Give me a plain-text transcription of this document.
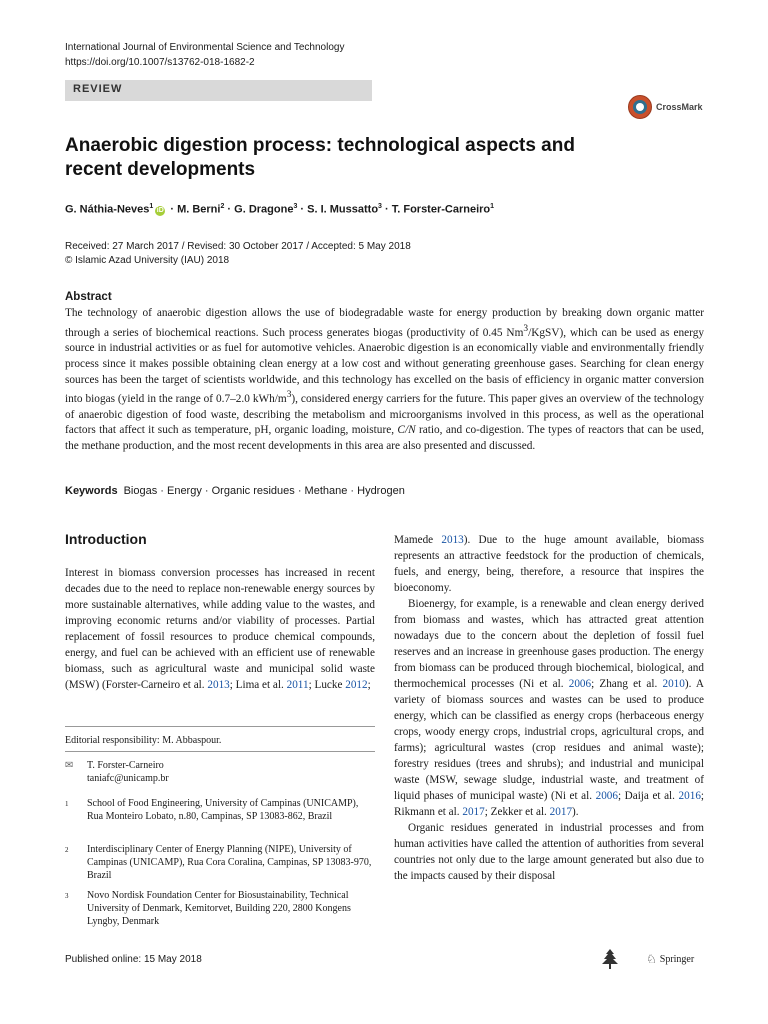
International Journal of Environmental Science and Technology
https://doi.org/10.1007/s13762-018-1682-2
REVIEW
CrossMark
Anaerobic digestion process: technological aspects and recent developments
G. Náthia-Neves$^1$iD · M. Berni$^2$ · G. Dragone$^3$ · S. I. Mussatto$^3$ · T. Forster-Carneiro$^1$
Received: 27 March 2017 / Revised: 30 October 2017 / Accepted: 5 May 2018
© Islamic Azad University (IAU) 2018
Abstract
The technology of anaerobic digestion allows the use of biodegradable waste for energy production by breaking down organic matter through a series of biochemical reactions. Such process generates biogas (productivity of 0.45 Nm$^3$/KgSV), which can be used as energy source in industrial activities or as fuel for automotive vehicles. Anaerobic digestion is an economically viable and environmentally friendly process since it makes possible obtaining clean energy at a low cost and without generating greenhouse gases. Searching for clean energy sources has been the target of scientists worldwide, and this technology has excelled on the basis of efficiency in organic matter conversion into biogas (yield in the range of 0.7–2.0 kWh/$m^3$), considered energy carriers for the future. This paper gives an overview of the technology of anaerobic digestion of food waste, describing the metabolism and microorganisms involved in this process, as well as the operational factors that affect it such as temperature, pH, organic loading, moisture, C/N ratio, and co-digestion. The types of reactors that can be used, the methane production, and the most recent developments in this area are also presented and discussed.
Keywords Biogas · Energy · Organic residues · Methane · Hydrogen
Introduction
Interest in biomass conversion processes has increased in recent decades due to the need to replace non-renewable energy sources by more sustainable alternatives, while adding value to the wastes, and improving economic returns and/or viability of processes. Partial replacement of fossil resources to produce chemical compounds, energy, and fuel can be achieved with an efficient use of renewable biomass, such as agricultural waste and municipal solid waste (MSW) (Forster-Carneiro et al. 2013; Lima et al. 2011; Lucke 2012;
Editorial responsibility: M. Abbaspour.
✉ T. Forster-Carneiro
taniafc@unicamp.br
1	School of Food Engineering, University of Campinas (UNICAMP), Rua Monteiro Lobato, n.80, Campinas, SP 13083-862, Brazil
2	Interdisciplinary Center of Energy Planning (NIPE), University of Campinas (UNICAMP), Rua Cora Coralina, Campinas, SP 13083-970, Brazil
3	Novo Nordisk Foundation Center for Biosustainability, Technical University of Denmark, Kemitorvet, Building 220, 2800 Kongens Lyngby, Denmark

Mamede 2013). Due to the huge amount available, biomass represents an attractive feedstock for the production of chemicals, fuels, and energy, being, therefore, a resource that inspires the bioeconomy.

Bioenergy, for example, is a renewable and clean energy derived from biomass and wastes, which has attracted great attention nowadays due to the concern about the depletion of fossil fuel reserves and an increase in greenhouse gases production. The energy from biomass can be produced through biochemical, biological, and thermochemical processes (Ni et al. 2006; Zhang et al. 2010). A variety of biomass sources and wastes can be used to produce energy, which can be classified as energy crops (herbaceous energy crops, woody energy crops, industrial crops, agricultural crops, and farms); agricultural wastes (crop residues and animal waste); forestry residues (trees and shrubs); and industrial and municipal waste (MSW, sewage sludge, industrial waste, and treatment of liquid phases of municipal waste) (Ni et al. 2006; Daija et al. 2016; Rikmann et al. 2017; Zekker et al. 2017).

Organic residues generated in industrial processes and from human activities have called the attention of authorities from several countries not only due to the large amount generated but also due to the impacts caused by their disposal

Published online: 15 May 2018	♘ Springer
